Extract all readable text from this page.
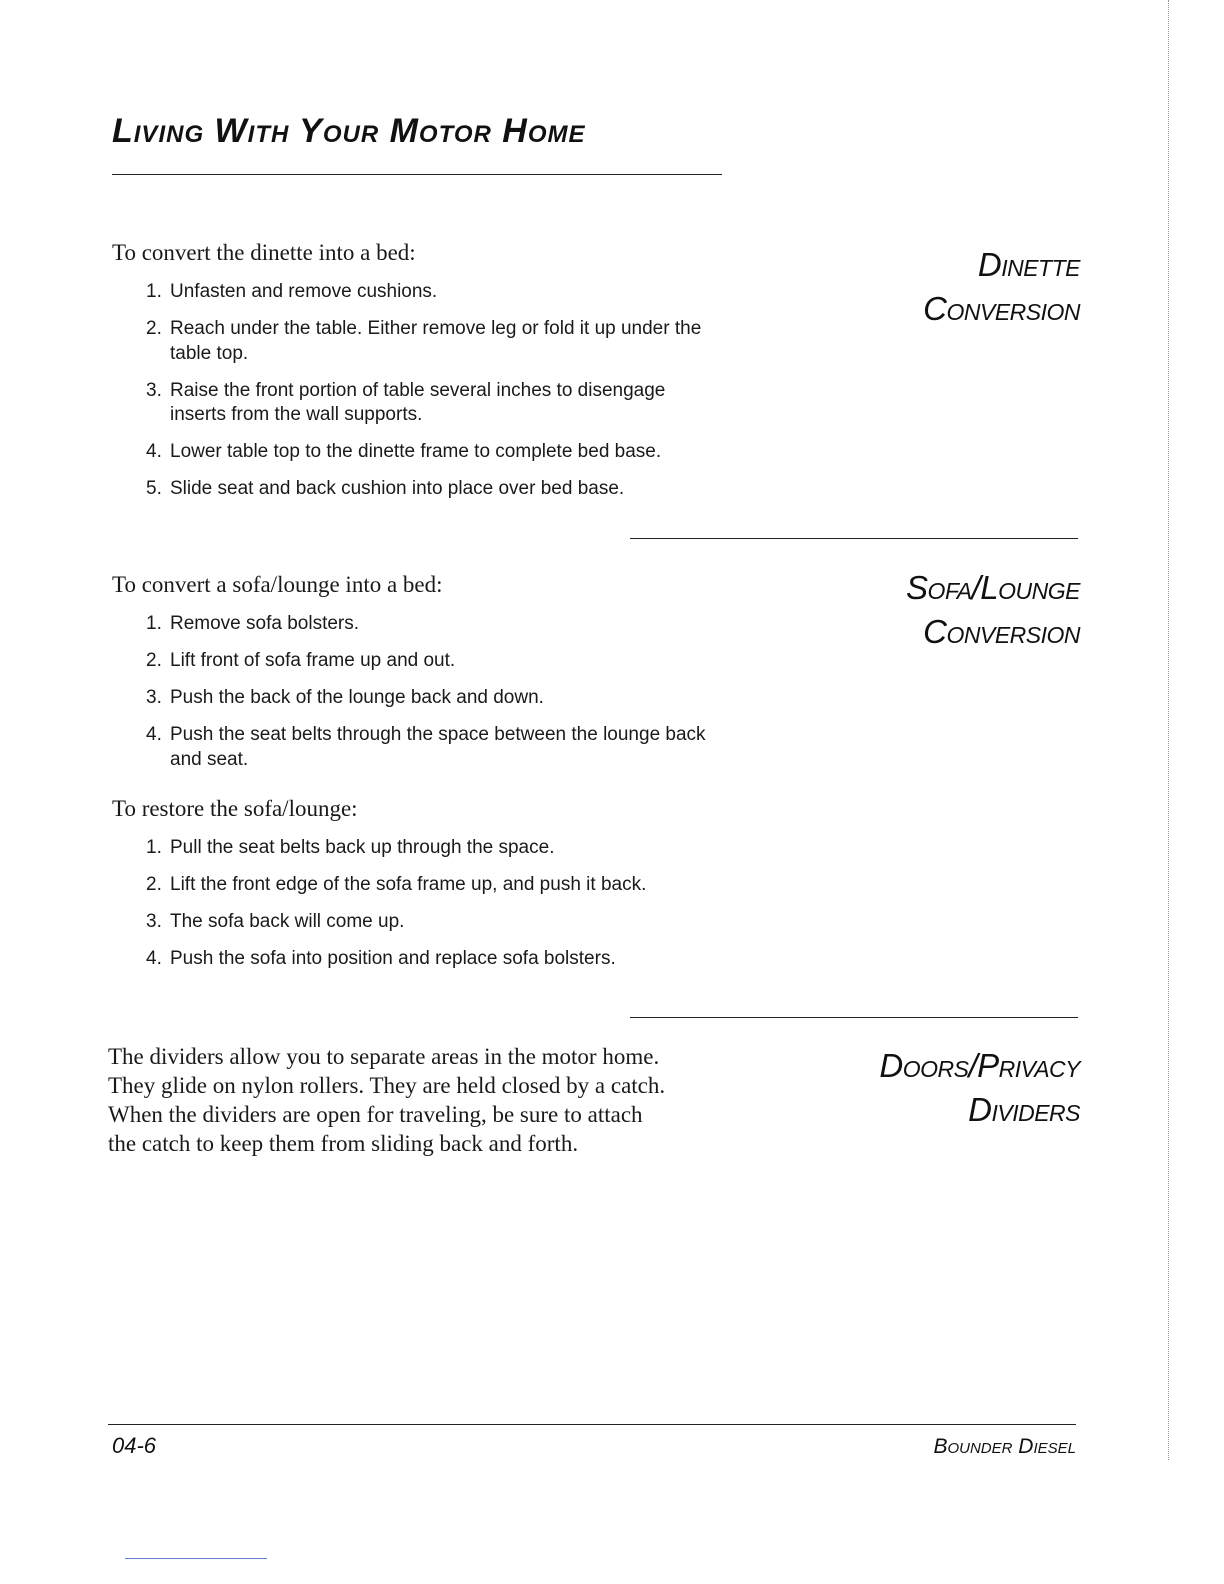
Living With Your Motor Home
Dinette
Conversion
To convert the dinette into a bed:
1. Unfasten and remove cushions.
2. Reach under the table. Either remove leg or fold it up under the table top.
3. Raise the front portion of table several inches to disengage inserts from the wall supports.
4. Lower table top to the dinette frame to complete bed base.
5. Slide seat and back cushion into place over bed base.
Sofa/Lounge
Conversion
To convert a sofa/lounge into a bed:
1. Remove sofa bolsters.
2. Lift front of sofa frame up and out.
3. Push the back of the lounge back and down.
4. Push the seat belts through the space between the lounge back and seat.
To restore the sofa/lounge:
1. Pull the seat belts back up through the space.
2. Lift the front edge of the sofa frame up, and push it back.
3. The sofa back will come up.
4. Push the sofa into position and replace sofa bolsters.
Doors/Privacy
Dividers
The dividers allow you to separate areas in the motor home.
They glide on nylon rollers. They are held closed by a catch.
When the dividers are open for traveling, be sure to attach
the catch to keep them from sliding back and forth.
04-6	Bounder Diesel
